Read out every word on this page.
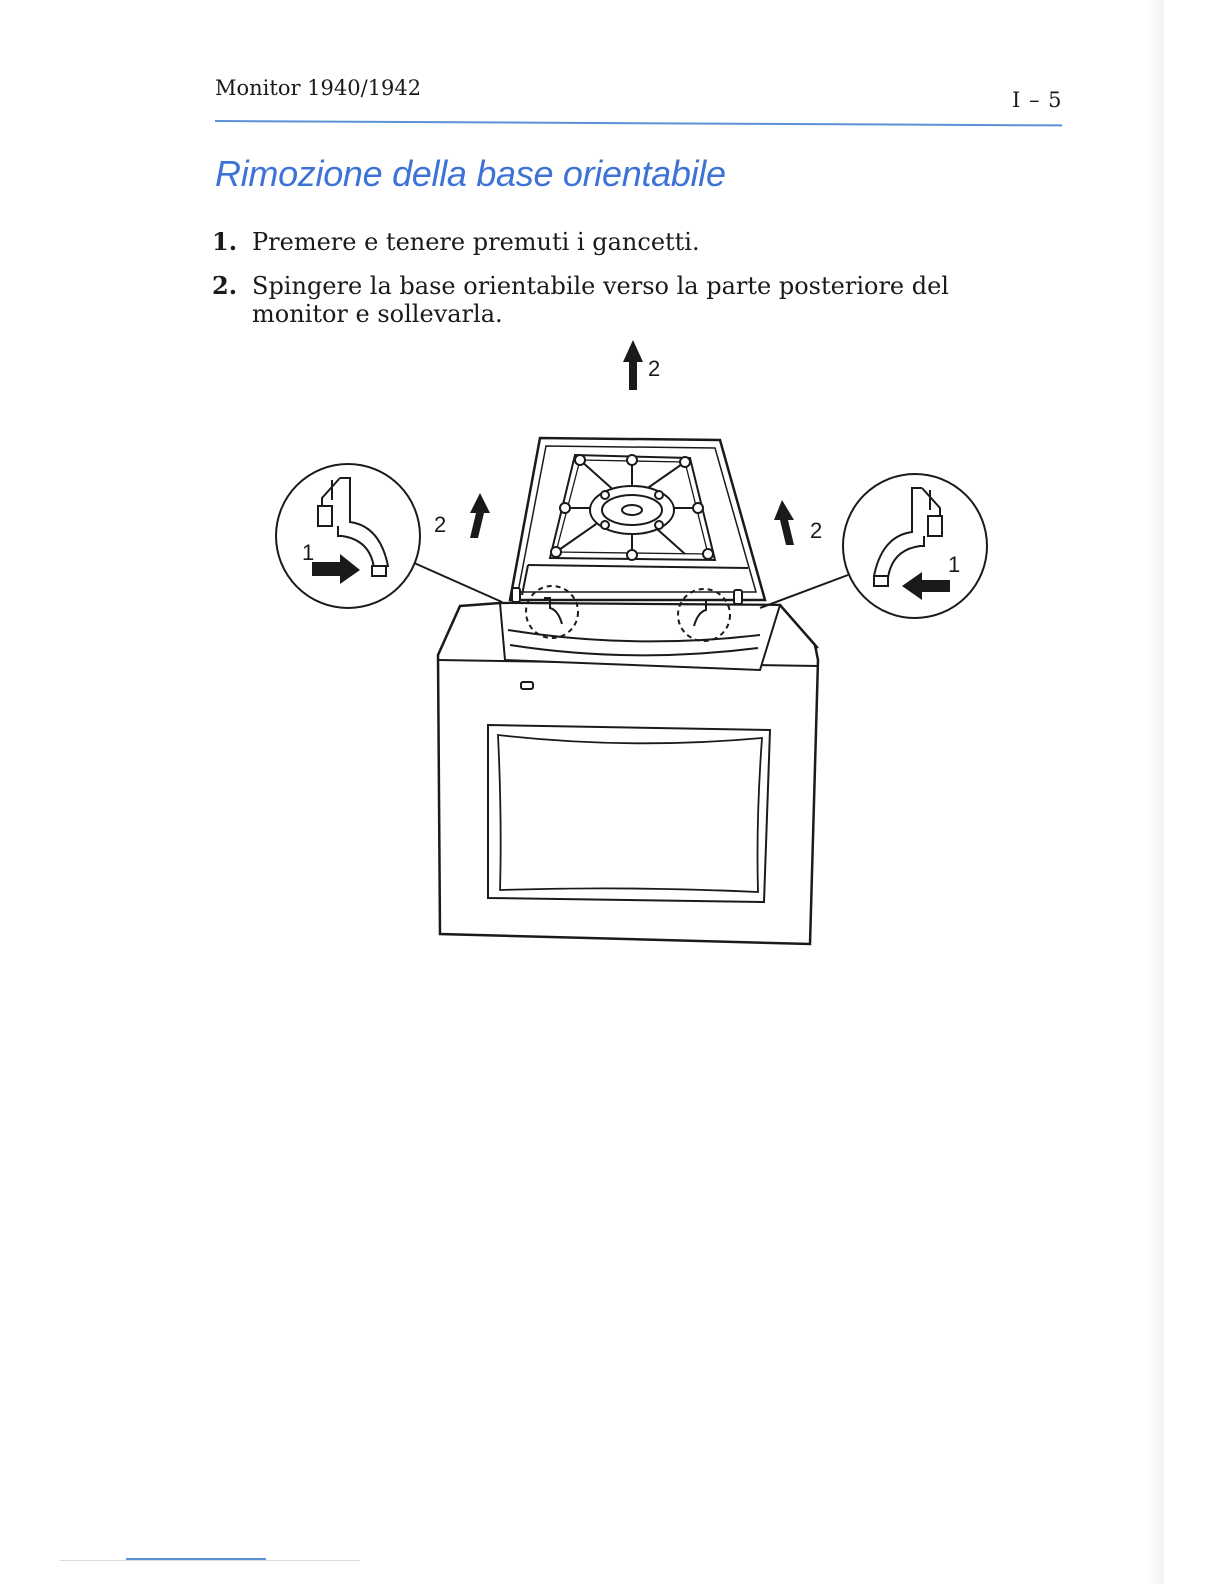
Monitor 1940/1942	I – 5
Rimozione della base orientabile
1. Premere e tenere premuti i gancetti.
2. Spingere la base orientabile verso la parte posteriore del monitor e sollevarla.
2
2	2
1	1
